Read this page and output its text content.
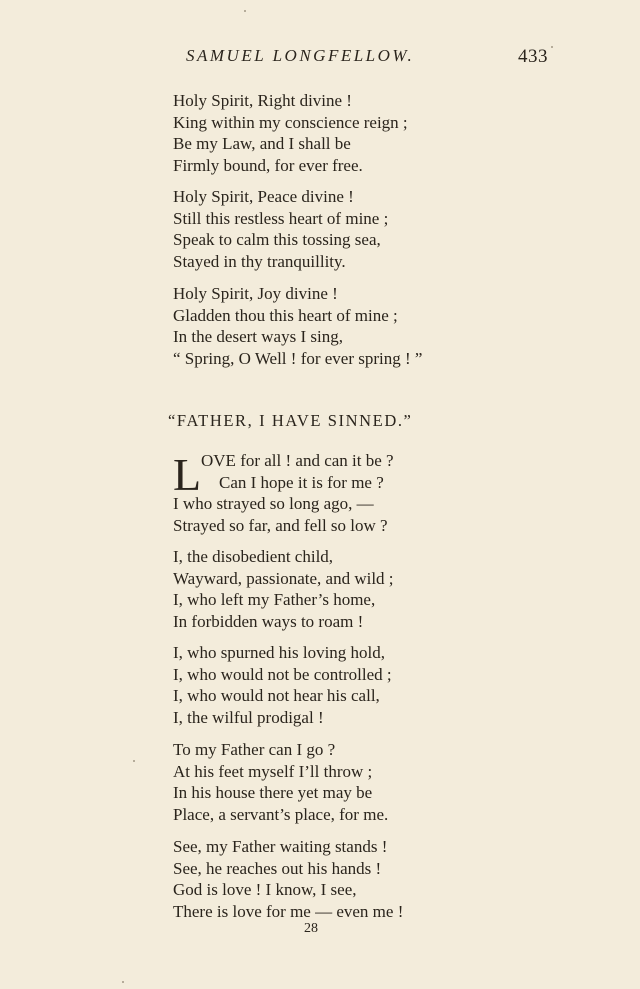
SAMUEL LONGFELLOW.	433
Holy Spirit, Right divine !
King within my conscience reign ;
Be my Law, and I shall be
Firmly bound, for ever free.
Holy Spirit, Peace divine !
Still this restless heart of mine ;
Speak to calm this tossing sea,
Stayed in thy tranquillity.
Holy Spirit, Joy divine !
Gladden thou this heart of mine ;
In the desert ways I sing,
“ Spring, O Well ! for ever spring ! ”
“FATHER, I HAVE SINNED.”
L OVE for all ! and can it be ?
Can I hope it is for me ?
I who strayed so long ago, —
Strayed so far, and fell so low ?
I, the disobedient child,
Wayward, passionate, and wild ;
I, who left my Father’s home,
In forbidden ways to roam !
I, who spurned his loving hold,
I, who would not be controlled ;
I, who would not hear his call,
I, the wilful prodigal !
To my Father can I go ?
At his feet myself I’ll throw ;
In his house there yet may be
Place, a servant’s place, for me.
See, my Father waiting stands !
See, he reaches out his hands !
God is love ! I know, I see,
There is love for me — even me !
28
